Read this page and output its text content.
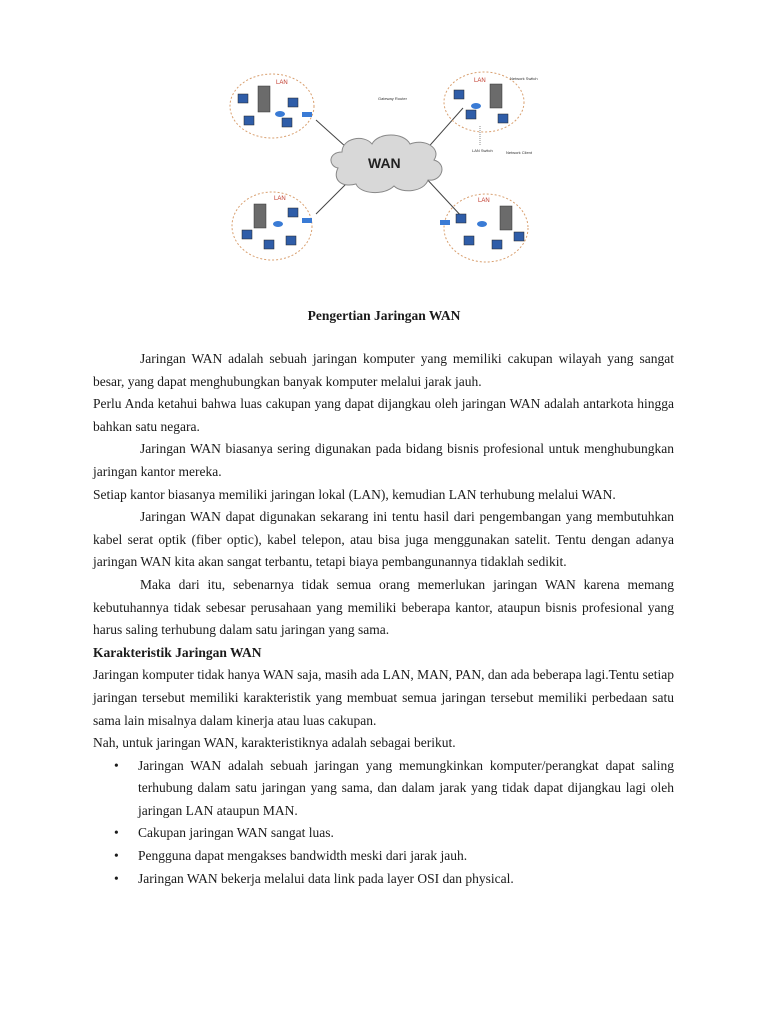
LAN	LAN	Network Switch
Gateway Router
LAN Switch	Network Client
WAN
LAN	LAN
Pengertian Jaringan WAN

Jaringan WAN adalah sebuah jaringan komputer yang memiliki cakupan wilayah yang sangat besar, yang dapat menghubungkan banyak komputer melalui jarak jauh.

Perlu Anda ketahui bahwa luas cakupan yang dapat dijangkau oleh jaringan WAN adalah antarkota hingga bahkan satu negara.

Jaringan WAN biasanya sering digunakan pada bidang bisnis profesional untuk menghubungkan jaringan kantor mereka.

Setiap kantor biasanya memiliki jaringan lokal (LAN), kemudian LAN terhubung melalui WAN.

Jaringan WAN dapat digunakan sekarang ini tentu hasil dari pengembangan yang membutuhkan kabel serat optik (fiber optic), kabel telepon, atau bisa juga menggunakan satelit. Tentu dengan adanya jaringan WAN kita akan sangat terbantu, tetapi biaya pembangunannya tidaklah sedikit.

Maka dari itu, sebenarnya tidak semua orang memerlukan jaringan WAN karena memang kebutuhannya tidak sebesar perusahaan yang memiliki beberapa kantor, ataupun bisnis profesional yang harus saling terhubung dalam satu jaringan yang sama.

Karakteristik Jaringan WAN

Jaringan komputer tidak hanya WAN saja, masih ada LAN, MAN, PAN, dan ada beberapa lagi.Tentu setiap jaringan tersebut memiliki karakteristik yang membuat semua jaringan tersebut memiliki perbedaan satu sama lain misalnya dalam kinerja atau luas cakupan.

Nah, untuk jaringan WAN, karakteristiknya adalah sebagai berikut.

• Jaringan WAN adalah sebuah jaringan yang memungkinkan komputer/perangkat dapat saling terhubung dalam satu jaringan yang sama, dan dalam jarak yang tidak dapat dijangkau lagi oleh jaringan LAN ataupun MAN.
• Cakupan jaringan WAN sangat luas.
• Pengguna dapat mengakses bandwidth meski dari jarak jauh.
• Jaringan WAN bekerja melalui data link pada layer OSI dan physical.
